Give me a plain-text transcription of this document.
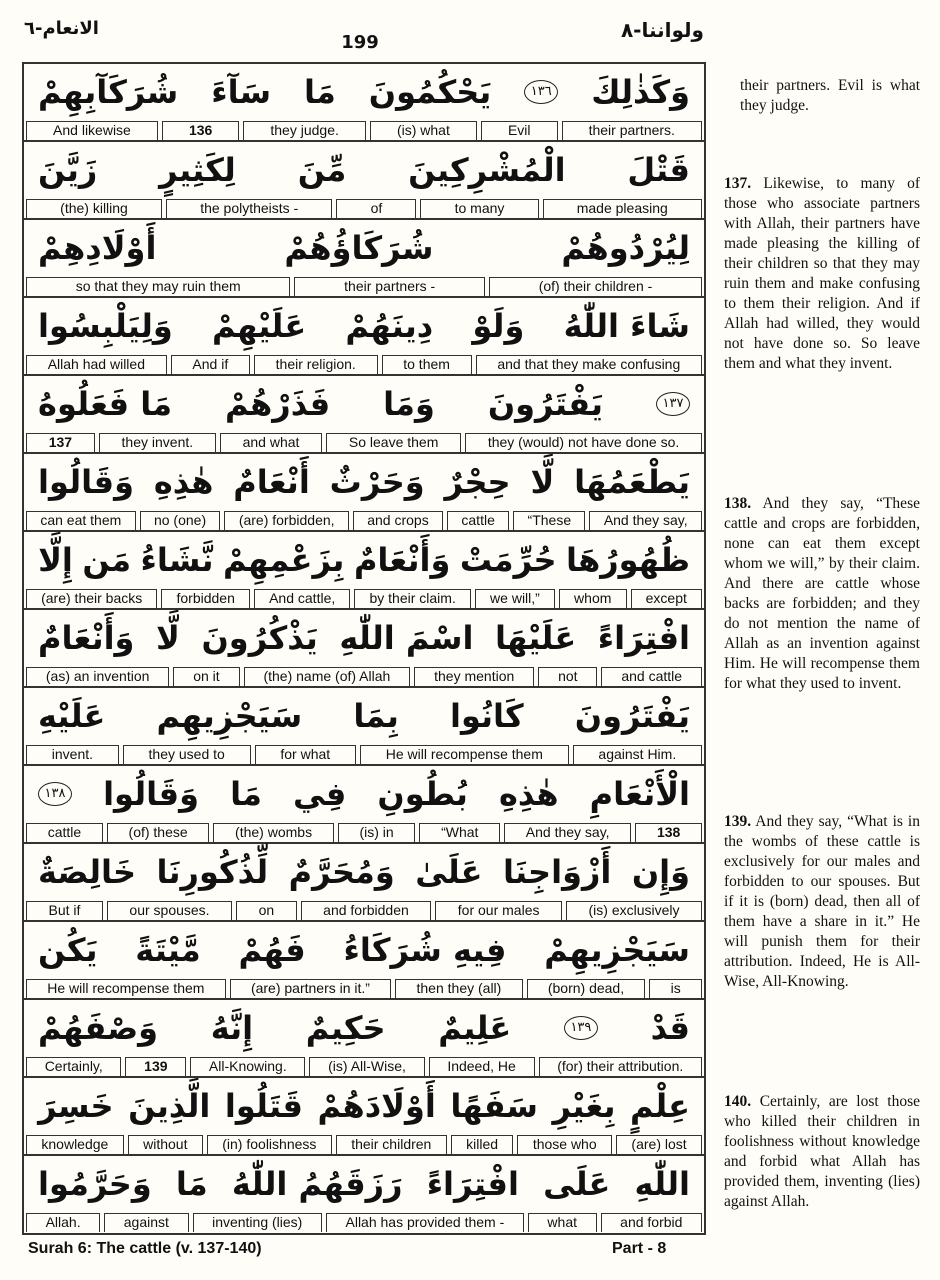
ولواننا-٨
199
الانعام-٦
شُرَكَآبِهِمْ سَآءَ مَا يَحْكُمُونَ	١٣٦ وَكَذٰلِكَ
And likewise	136	they judge.	(is) what	Evil	their partners.
زَيَّنَ لِكَثِيرٍ مِّنَ الْمُشْرِكِينَ قَتْلَ
(the) killing	the polytheists -	of	to many	made pleasing
أَوْلَادِهِمْ	شُرَكَاؤُهُمْ	لِيُرْدُوهُمْ
so that they may ruin them	their partners -	(of) their children -
وَلِيَلْبِسُوا عَلَيْهِمْ دِينَهُمْ وَلَوْ شَاءَ اللّٰهُ
Allah had willed	And if	their religion.	to them	and that they make confusing
مَا فَعَلُوهُ فَذَرْهُمْ وَمَا يَفْتَرُونَ	١٣٧
137	they invent.	and what	So leave them	they (would) not have done so.
وَقَالُوا هٰذِهِ أَنْعَامٌ وَحَرْثٌ حِجْرٌ لَّا يَطْعَمُهَا
can eat them	no (one)	(are) forbidden,	and crops	cattle	“These	And they say,
إِلَّا مَن نَّشَاءُ بِزَعْمِهِمْ وَأَنْعَامٌ حُرِّمَتْ ظُهُورُهَا
(are) their backs	forbidden	And cattle,	by their claim.	we will,”	whom	except
وَأَنْعَامٌ لَّا يَذْكُرُونَ اسْمَ اللّٰهِ عَلَيْهَا افْتِرَاءً
(as) an invention	on it	(the) name (of) Allah	they mention	not	and cattle
عَلَيْهِ سَيَجْزِيهِم بِمَا كَانُوا يَفْتَرُونَ
invent.	they used to	for what	He will recompense them	against Him.
١٣٨ وَقَالُوا مَا فِي بُطُونِ هٰذِهِ الْأَنْعَامِ
cattle	(of) these	(the) wombs	(is) in	“What	And they say,	138
خَالِصَةٌ لِّذُكُورِنَا وَمُحَرَّمٌ عَلَىٰ أَزْوَاجِنَا وَإِن
But if	our spouses.	on	and forbidden	for our males	(is) exclusively
يَكُن مَّيْتَةً فَهُمْ فِيهِ شُرَكَاءُ سَيَجْزِيهِمْ
He will recompense them	(are) partners in it.”	then they (all)	(born) dead,	is
وَصْفَهُمْ إِنَّهُ حَكِيمٌ عَلِيمٌ	١٣٩ قَدْ
Certainly,	139	All-Knowing.	(is) All-Wise,	Indeed, He	(for) their attribution.
خَسِرَ الَّذِينَ قَتَلُوا أَوْلَادَهُمْ سَفَهًا بِغَيْرِ عِلْمٍ
knowledge	without	(in) foolishness	their children	killed	those who	(are) lost
وَحَرَّمُوا مَا رَزَقَهُمُ اللّٰهُ افْتِرَاءً عَلَى اللّٰهِ
Allah.	against	inventing (lies)	Allah has provided them -	what	and forbid
their partners. Evil is what they judge.
137. Likewise, to many of those who associate partners with Allah, their partners have made pleasing the killing of their children so that they may ruin them and make confusing to them their religion. And if Allah had willed, they would not have done so. So leave them and what they invent.
138. And they say, “These cattle and crops are forbidden, none can eat them except whom we will,” by their claim. And there are cattle whose backs are forbidden; and they do not mention the name of Allah as an invention against Him. He will recompense them for what they used to invent.
139. And they say, “What is in the wombs of these cattle is exclusively for our males and forbidden to our spouses. But if it is (born) dead, then all of them have a share in it.” He will punish them for their attribution. Indeed, He is All-Wise, All-Knowing.
140. Certainly, are lost those who killed their children in foolishness without knowledge and forbid what Allah has provided them, inventing (lies) against Allah.
Surah 6: The cattle (v. 137-140)	Part - 8
